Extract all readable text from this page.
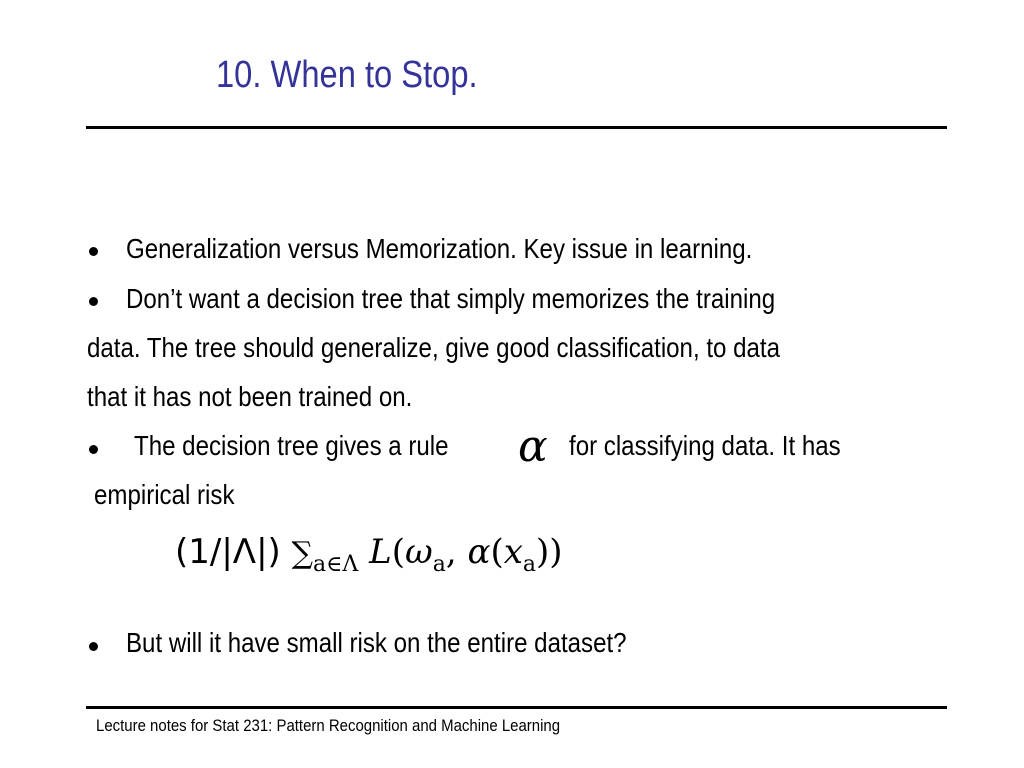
10. When to Stop.
Generalization versus Memorization. Key issue in learning.
Don’t want a decision tree that simply memorizes the training
data. The tree should generalize, give good classification, to data
that it has not been trained on.
The decision tree gives a rule α for classifying data. It has
empirical risk
(1/|Λ|) $\sum_{a\in\Lambda}$ $L(\omega_a$, $\alpha(x_a)$)
But will it have small risk on the entire dataset?
Lecture notes for Stat 231: Pattern Recognition and Machine Learning
